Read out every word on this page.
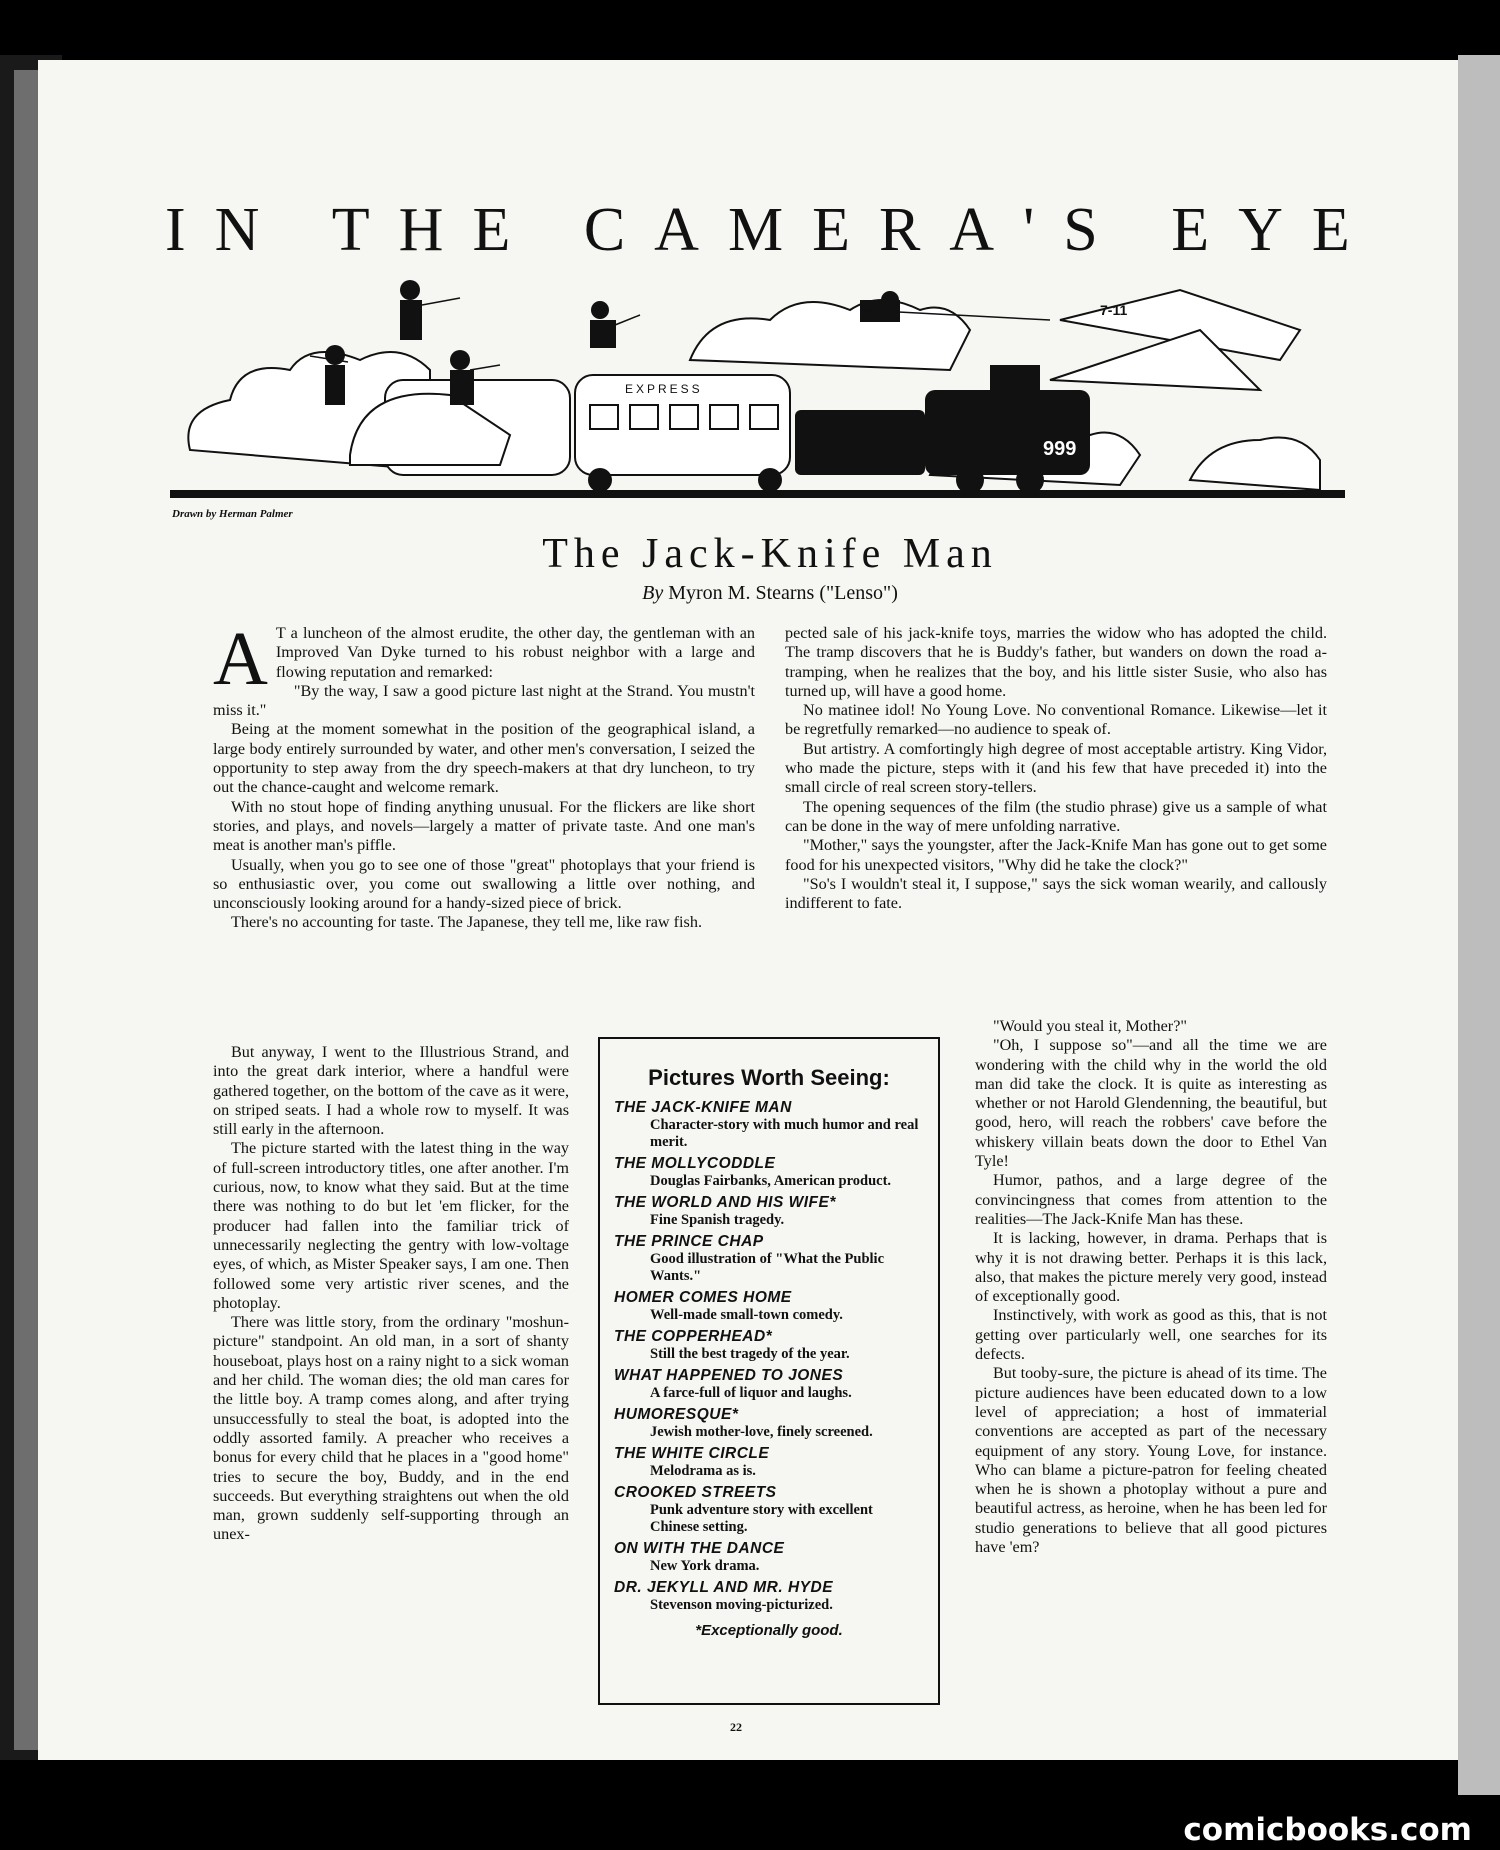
IN THE CAMERA'S EYE
EXPRESS
999
7-11
Drawn by Herman Palmer
The Jack-Knife Man
By Myron M. Stearns ("Lenso")
A T a luncheon of the almost erudite, the other day, the gentleman with an Improved Van Dyke turned to his robust neighbor with a large and flowing reputation and remarked:

"By the way, I saw a good picture last night at the Strand. You mustn't miss it."

Being at the moment somewhat in the position of the geographical island, a large body entirely surrounded by water, and other men's conversation, I seized the opportunity to step away from the dry speech-makers at that dry luncheon, to try out the chance-caught and welcome remark.

With no stout hope of finding anything unusual. For the flickers are like short stories, and plays, and novels—largely a matter of private taste. And one man's meat is another man's piffle.

Usually, when you go to see one of those "great" photoplays that your friend is so enthusiastic over, you come out swallowing a little over nothing, and unconsciously looking around for a handy-sized piece of brick.

There's no accounting for taste. The Japanese, they tell me, like raw fish.

But anyway, I went to the Illustrious Strand, and into the great dark interior, where a handful were gathered together, on the bottom of the cave as it were, on striped seats. I had a whole row to myself. It was still early in the afternoon.

The picture started with the latest thing in the way of full-screen introductory titles, one after another. I'm curious, now, to know what they said. But at the time there was nothing to do but let 'em flicker, for the producer had fallen into the familiar trick of unnecessarily neglecting the gentry with low-voltage eyes, of which, as Mister Speaker says, I am one. Then followed some very artistic river scenes, and the photoplay.

There was little story, from the ordinary "moshun-picture" standpoint. An old man, in a sort of shanty houseboat, plays host on a rainy night to a sick woman and her child. The woman dies; the old man cares for the little boy. A tramp comes along, and after trying unsuccessfully to steal the boat, is adopted into the oddly assorted family. A preacher who receives a bonus for every child that he places in a "good home" tries to secure the boy, Buddy, and in the end succeeds. But everything straightens out when the old man, grown suddenly self-supporting through an unex-

pected sale of his jack-knife toys, marries the widow who has adopted the child. The tramp discovers that he is Buddy's father, but wanders on down the road a-tramping, when he realizes that the boy, and his little sister Susie, who also has turned up, will have a good home.

No matinee idol! No Young Love. No conventional Romance. Likewise—let it be regretfully remarked—no audience to speak of.

But artistry. A comfortingly high degree of most acceptable artistry. King Vidor, who made the picture, steps with it (and his few that have preceded it) into the small circle of real screen story-tellers.

The opening sequences of the film (the studio phrase) give us a sample of what can be done in the way of mere unfolding narrative.

"Mother," says the youngster, after the Jack-Knife Man has gone out to get some food for his unexpected visitors, "Why did he take the clock?"

"So's I wouldn't steal it, I suppose," says the sick woman wearily, and callously indifferent to fate.

"Would you steal it, Mother?"

"Oh, I suppose so"—and all the time we are wondering with the child why in the world the old man did take the clock. It is quite as interesting as whether or not Harold Glendenning, the beautiful, but good, hero, will reach the robbers' cave before the whiskery villain beats down the door to Ethel Van Tyle!

Humor, pathos, and a large degree of the convincingness that comes from attention to the realities—The Jack-Knife Man has these.

It is lacking, however, in drama. Perhaps that is why it is not drawing better. Perhaps it is this lack, also, that makes the picture merely very good, instead of exceptionally good.

Instinctively, with work as good as this, that is not getting over particularly well, one searches for its defects.

But tooby-sure, the picture is ahead of its time. The picture audiences have been educated down to a low level of appreciation; a host of immaterial conventions are accepted as part of the necessary equipment of any story. Young Love, for instance. Who can blame a picture-patron for feeling cheated when he is shown a photoplay without a pure and beautiful actress, as heroine, when he has been led for studio generations to believe that all good pictures have 'em?

Pictures Worth Seeing:
THE JACK-KNIFE MAN
Character-story with much humor and real merit.
THE MOLLYCODDLE
Douglas Fairbanks, American product.
THE WORLD AND HIS WIFE*
Fine Spanish tragedy.
THE PRINCE CHAP
Good illustration of "What the Public Wants."
HOMER COMES HOME
Well-made small-town comedy.
THE COPPERHEAD*
Still the best tragedy of the year.
WHAT HAPPENED TO JONES
A farce-full of liquor and laughs.
HUMORESQUE*
Jewish mother-love, finely screened.
THE WHITE CIRCLE
Melodrama as is.
CROOKED STREETS
Punk adventure story with excellent Chinese setting.
ON WITH THE DANCE
New York drama.
DR. JEKYLL AND MR. HYDE
Stevenson moving-picturized.
*Exceptionally good.
22
comicbooks.com
